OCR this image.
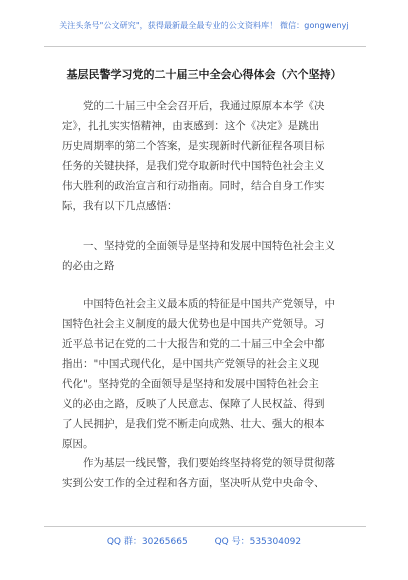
关注头条号"公文研究"，获得最新最全最专业的公文资料库！ 微信：gongwenyj
基层民警学习党的二十届三中全会心得体会（六个坚持）
　　党的二十届三中全会召开后，我通过原原本本学《决
定》，扎扎实实悟精神，由衷感到：这个《决定》是跳出
历史周期率的第二个答案，是实现新时代新征程各项目标
任务的关键抉择，是我们党夺取新时代中国特色社会主义
伟大胜利的政治宣言和行动指南。同时，结合自身工作实
际，我有以下几点感悟：
　　一、坚持党的全面领导是坚持和发展中国特色社会主义
的必由之路
　　中国特色社会主义最本质的特征是中国共产党领导，中
国特色社会主义制度的最大优势也是中国共产党领导。习
近平总书记在党的二十大报告和党的二十届三中全会中都
指出："中国式现代化，是中国共产党领导的社会主义现
代化"。坚持党的全面领导是坚持和发展中国特色社会主
义的必由之路，反映了人民意志、保障了人民权益、得到
了人民拥护，是我们党不断走向成熟、壮大、强大的根本
原因。
　　作为基层一线民警，我们要始终坚持将党的领导贯彻落
实到公安工作的全过程和各方面，坚决听从党中央命令、
QQ 群：30265665	QQ 号：535304092
